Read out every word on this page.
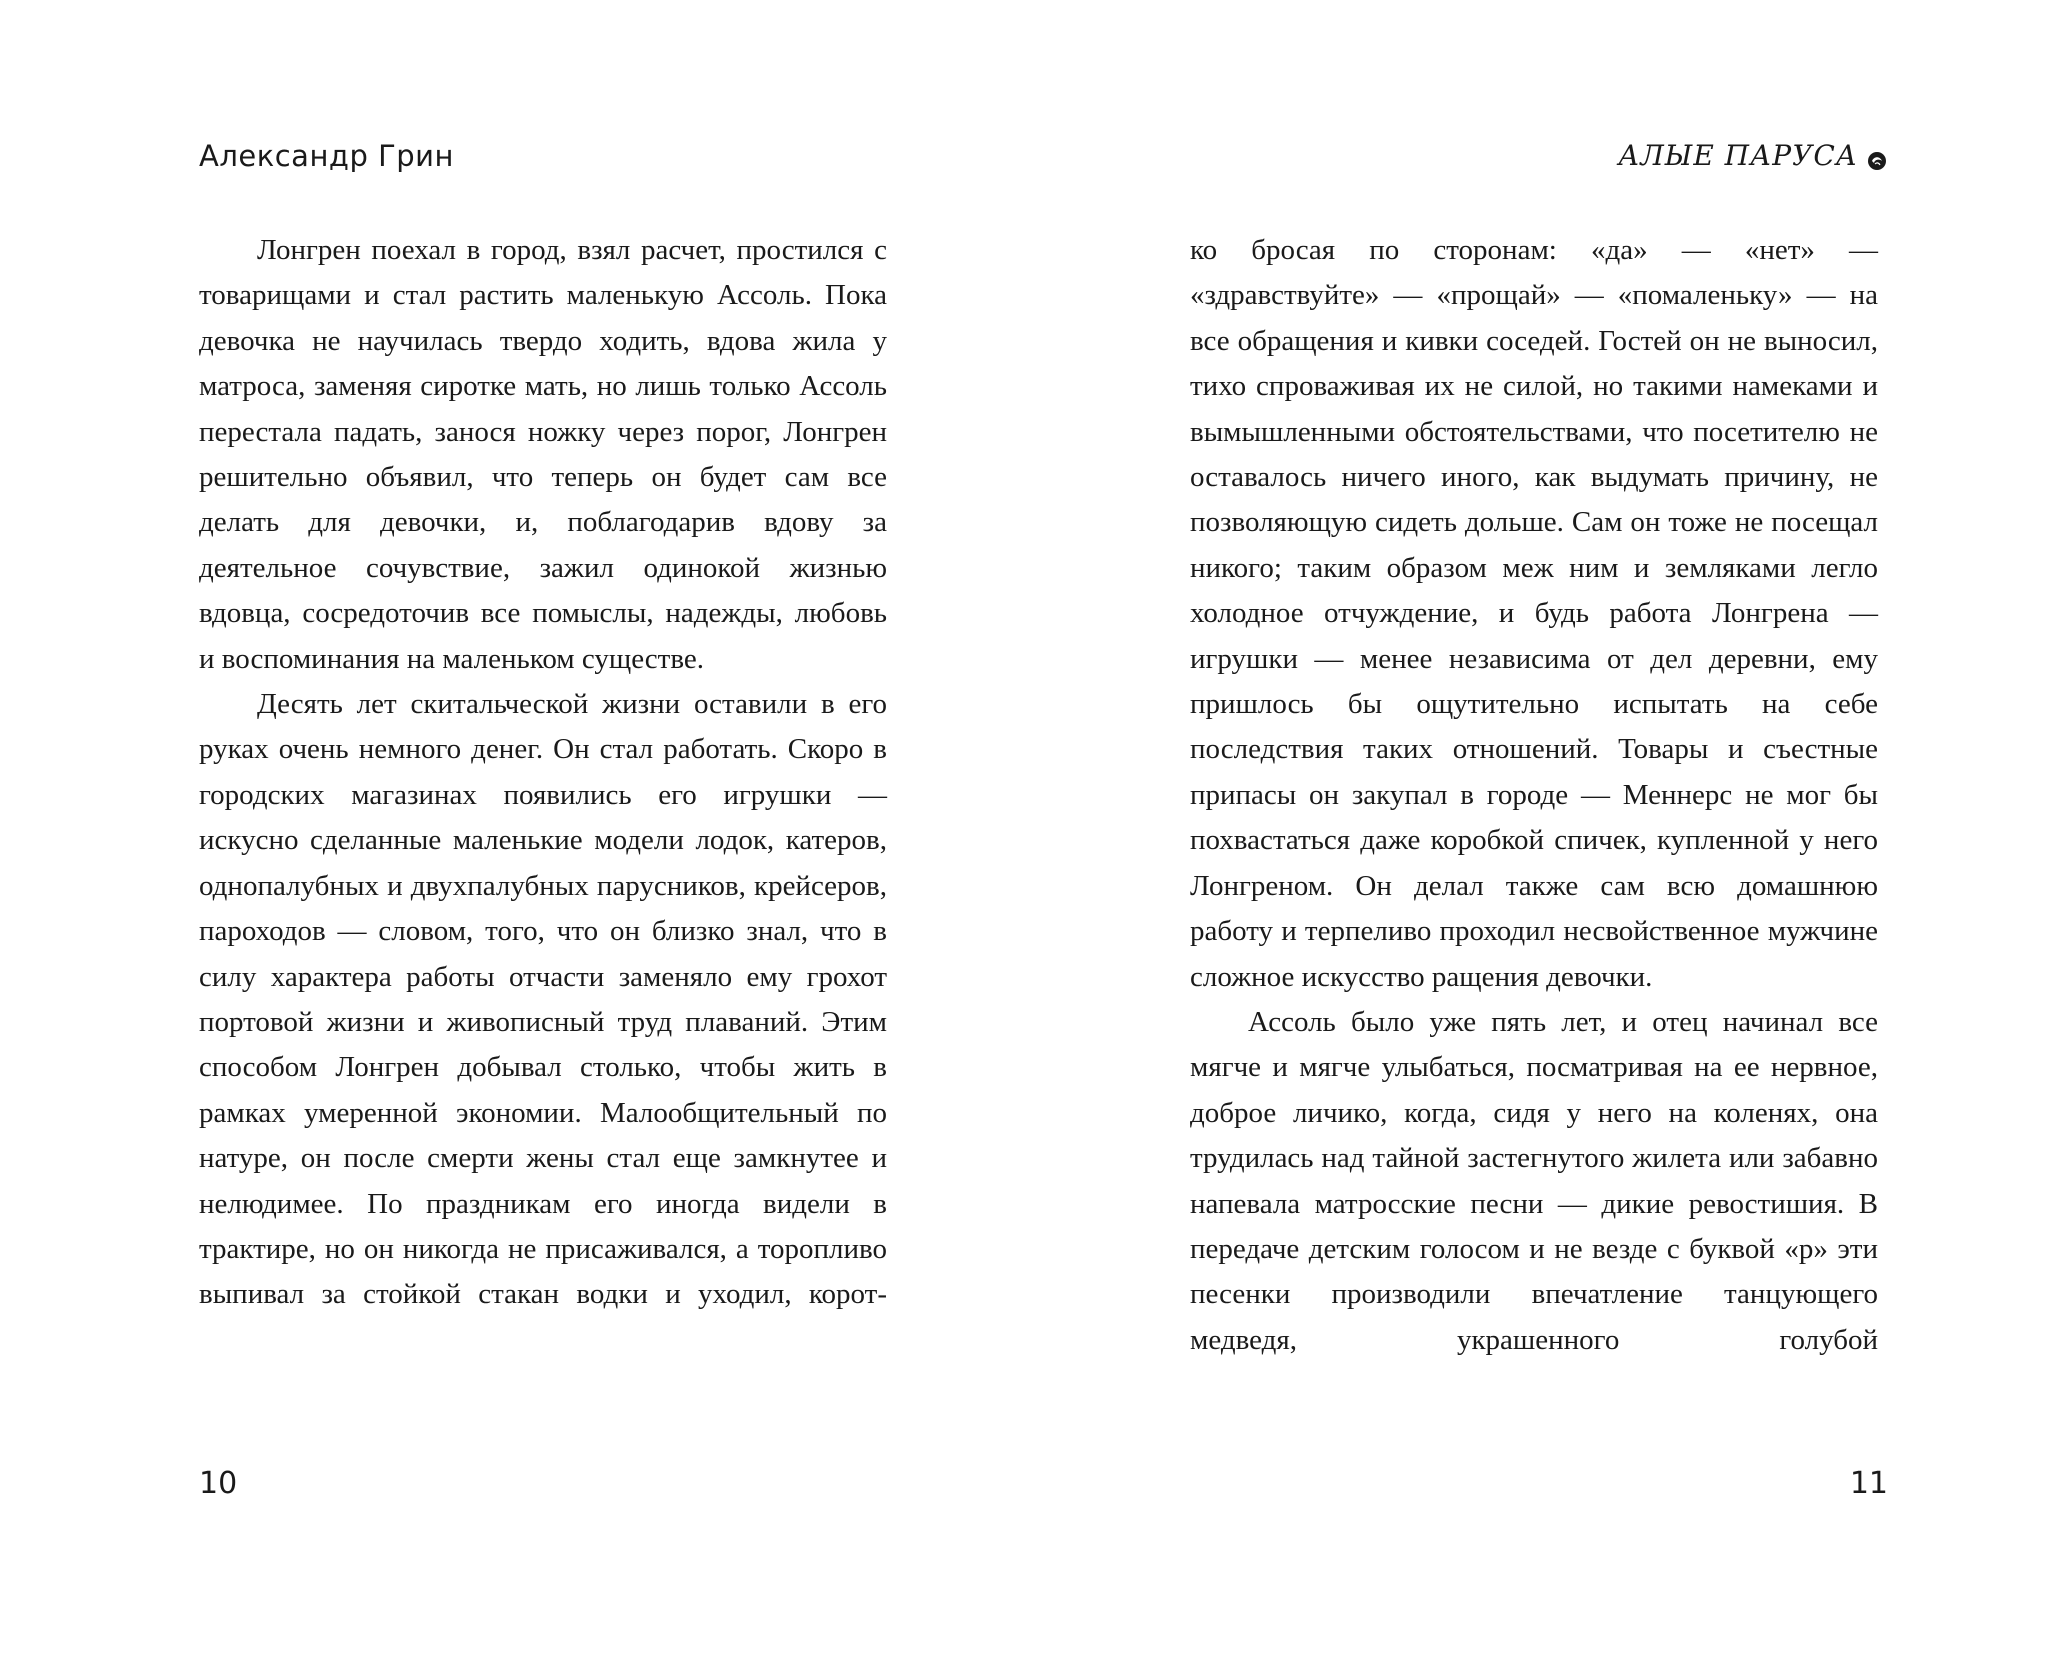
Александр Грин

Лонгрен поехал в город, взял расчет, простился с товарищами и стал растить маленькую Ассоль. Пока девочка не научилась твердо ходить, вдова жила у матроса, заменяя сиротке мать, но лишь только Ассоль перестала падать, занося ножку через порог, Лонгрен решительно объявил, что теперь он будет сам все делать для девочки, и, поблагодарив вдову за деятельное сочувствие, зажил одинокой жизнью вдовца, сосредоточив все помыслы, надежды, любовь и воспоминания на маленьком существе.

Десять лет скитальческой жизни оставили в его руках очень немного денег. Он стал работать. Скоро в городских магазинах появились его игрушки — искусно сделанные маленькие модели лодок, катеров, однопалубных и двухпалубных парусников, крейсеров, пароходов — словом, того, что он близко знал, что в силу характера работы отчасти заменяло ему грохот портовой жизни и живописный труд плаваний. Этим способом Лонгрен добывал столько, чтобы жить в рамках умеренной экономии. Малообщительный по натуре, он после смерти жены стал еще замкнутее и нелюдимее. По праздникам его иногда видели в трактире, но он никогда не присаживался, а торопливо выпивал за стойкой стакан водки и уходил, корот-

10
АЛЫЕ ПАРУСА

ко бросая по сторонам: «да» — «нет» — «здравствуйте» — «прощай» — «помаленьку» — на все обращения и кивки соседей. Гостей он не выносил, тихо спроваживая их не силой, но такими намеками и вымышленными обстоятельствами, что посетителю не оставалось ничего иного, как выдумать причину, не позволяющую сидеть дольше. Сам он тоже не посещал никого; таким образом меж ним и земляками легло холодное отчуждение, и будь работа Лонгрена — игрушки — менее независима от дел деревни, ему пришлось бы ощутительно испытать на себе последствия таких отношений. Товары и съестные припасы он закупал в городе — Меннерс не мог бы похвастаться даже коробкой спичек, купленной у него Лонгреном. Он делал также сам всю домашнюю работу и терпеливо проходил несвойственное мужчине сложное искусство ращения девочки.

Ассоль было уже пять лет, и отец начинал все мягче и мягче улыбаться, посматривая на ее нервное, доброе личико, когда, сидя у него на коленях, она трудилась над тайной застегнутого жилета или забавно напевала матросские песни — дикие ревостишия. В передаче детским голосом и не везде с буквой «р» эти песенки производили впечатление танцующего медведя, украшенного голубой

11
